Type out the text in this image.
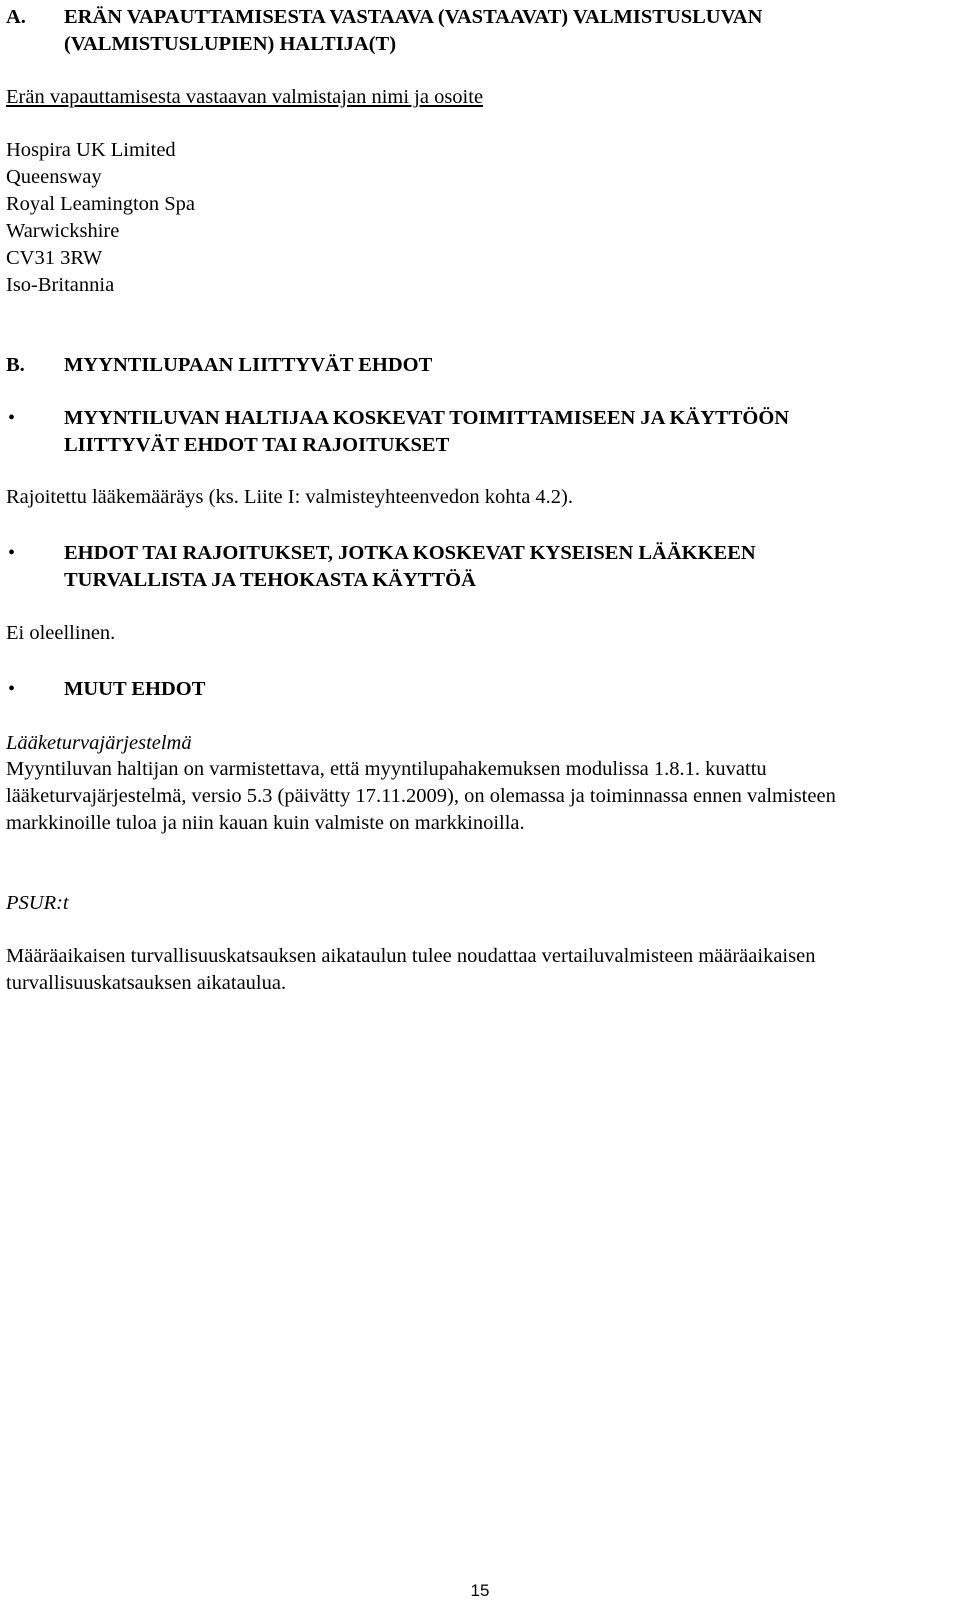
A. ERÄN VAPAUTTAMISESTA VASTAAVA (VASTAAVAT) VALMISTUSLUVAN
(VALMISTUSLUPIEN) HALTIJA(T)
Erän vapauttamisesta vastaavan valmistajan nimi ja osoite
Hospira UK Limited
Queensway
Royal Leamington Spa
Warwickshire
CV31 3RW
Iso-Britannia
B. MYYNTILUPAAN LIITTYVÄT EHDOT
• MYYNTILUVAN HALTIJAA KOSKEVAT TOIMITTAMISEEN JA KÄYTTÖÖN
LIITTYVÄT EHDOT TAI RAJOITUKSET
Rajoitettu lääkemääräys (ks. Liite I: valmisteyhteenvedon kohta 4.2).
• EHDOT TAI RAJOITUKSET, JOTKA KOSKEVAT KYSEISEN LÄÄKKEEN
TURVALLISTA JA TEHOKASTA KÄYTTÖÄ
Ei oleellinen.
• MUUT EHDOT
Lääketurvajärjestelmä
Myyntiluvan haltijan on varmistettava, että myyntilupahakemuksen modulissa 1.8.1. kuvattu
lääketurvajärjestelmä, versio 5.3 (päivätty 17.11.2009), on olemassa ja toiminnassa ennen valmisteen
markkinoille tuloa ja niin kauan kuin valmiste on markkinoilla.
PSUR:t
Määräaikaisen turvallisuuskatsauksen aikataulun tulee noudattaa vertailuvalmisteen määräaikaisen
turvallisuuskatsauksen aikataulua.
15
